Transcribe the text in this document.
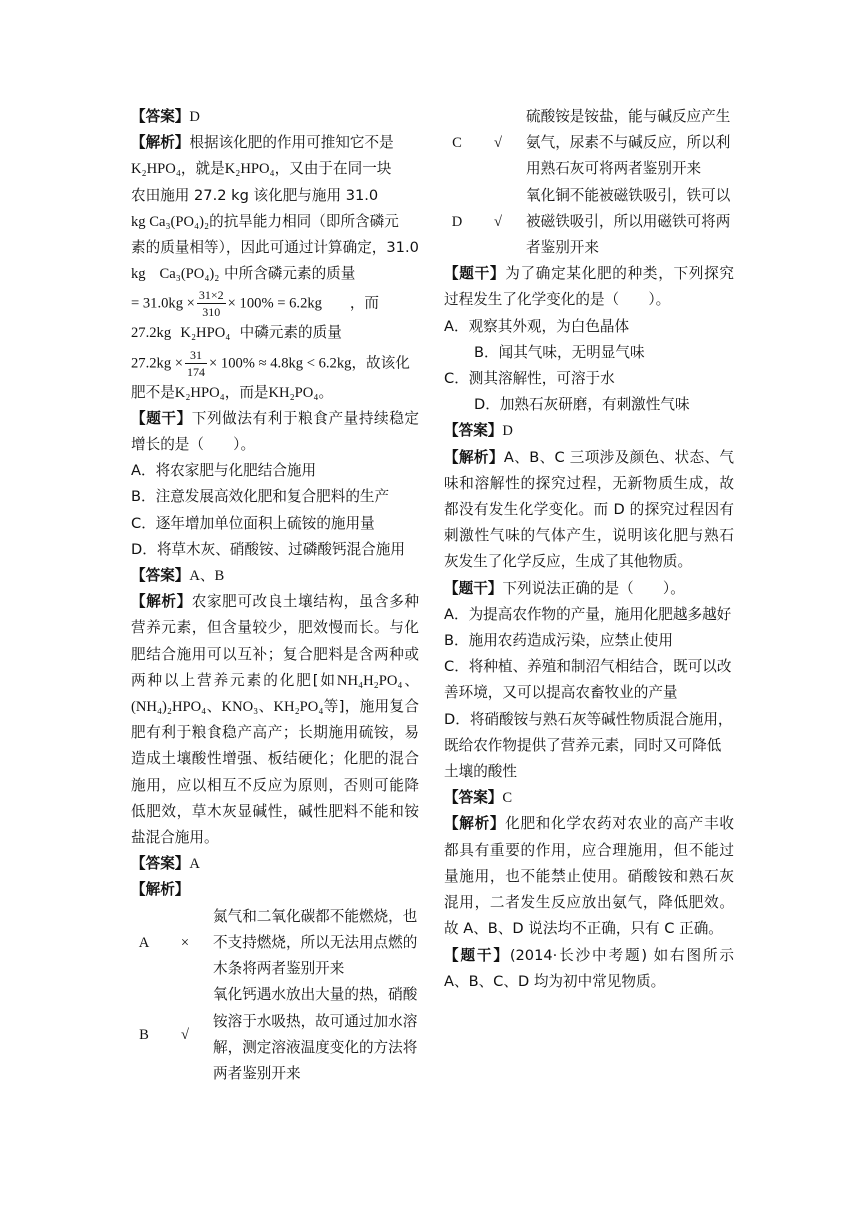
【答案】D

【解析】根据该化肥的作用可推知它不是
K₂HPO₄，就是K₂HPO₄，又由于在同一块
农田施用 27.2 kg 该化肥与施用 31.0
kg Ca₃(PO₄)₂的抗旱能力相同（即所含磷元
素的质量相等），因此可通过计算确定，31.0
kg Ca₃(PO₄)₂ 中所含磷元素的质量
= $31.0kg \times \frac{31\times 2}{310} \times 100\% = 6.2kg$ ，而
27.2kg K₂HPO₄ 中磷元素的质量
$27.2kg \times \frac{31}{174} \times 100\% \approx 4.8kg < 6.2kg$，故该化
肥不是K₂HPO₄，而是KH₂PO₄。

【题干】下列做法有利于粮食产量持续稳定增长的是（　　）。

A．将农家肥与化肥结合施用

B．注意发展高效化肥和复合肥料的生产

C．逐年增加单位面积上硫铵的施用量

D．将草木灰、硝酸铵、过磷酸钙混合施用

【答案】A、B

【解析】农家肥可改良土壤结构，虽含多种营养元素，但含量较少，肥效慢而长。与化肥结合施用可以互补；复合肥料是含两种或两种以上营养元素的化肥[如NH₄H₂PO₄、(NH₄)₂HPO₄、KNO₃、KH₂PO₄等]，施用复合肥有利于粮食稳产高产；长期施用硫铵，易造成土壤酸性增强、板结硬化；化肥的混合施用，应以相互不反应为原则，否则可能降低肥效，草木灰显碱性，碱性肥料不能和铵盐混合施用。

【答案】A

【解析】

A	×	氮气和二氧化碳都不能燃烧，也不支持燃烧，所以无法用点燃的木条将两者鉴别开来
B	√	氧化钙遇水放出大量的热，硝酸铵溶于水吸热，故可通过加水溶解，测定溶液温度变化的方法将两者鉴别开来
C	√	硫酸铵是铵盐，能与碱反应产生氨气，尿素不与碱反应，所以利用熟石灰可将两者鉴别开来
D	√	氧化铜不能被磁铁吸引，铁可以被磁铁吸引，所以用磁铁可将两者鉴别开来

【题干】为了确定某化肥的种类，下列探究过程发生了化学变化的是（　　）。

A．观察其外观，为白色晶体

B．闻其气味，无明显气味

C．测其溶解性，可溶于水

D．加熟石灰研磨，有刺激性气味

【答案】D

【解析】A、B、C 三项涉及颜色、状态、气味和溶解性的探究过程，无新物质生成，故都没有发生化学变化。而 D 的探究过程因有刺激性气味的气体产生，说明该化肥与熟石灰发生了化学反应，生成了其他物质。

【题干】下列说法正确的是（　　）。

A．为提高农作物的产量，施用化肥越多越好

B．施用农药造成污染，应禁止使用

C．将种植、养殖和制沼气相结合，既可以改善环境，又可以提高农畜牧业的产量

D．将硝酸铵与熟石灰等碱性物质混合施用，既给农作物提供了营养元素，同时又可降低土壤的酸性

【答案】C

【解析】化肥和化学农药对农业的高产丰收都具有重要的作用，应合理施用，但不能过量施用，也不能禁止使用。硝酸铵和熟石灰混用，二者发生反应放出氨气，降低肥效。故 A、B、D 说法均不正确，只有 C 正确。

【题干】(2014·长沙中考题) 如右图所示 A、B、C、D 均为初中常见物质。
